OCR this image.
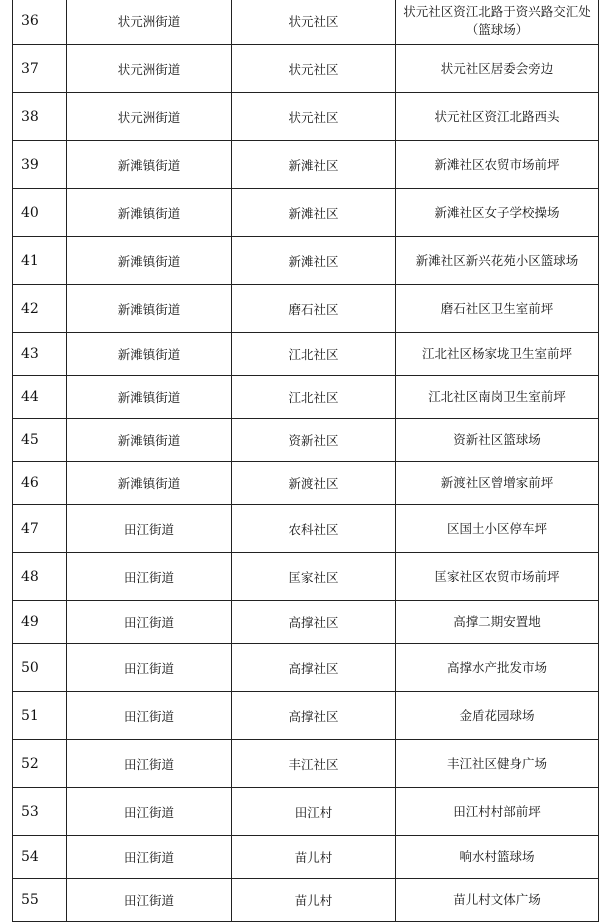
36	状元洲街道	状元社区	状元社区资江北路于资兴路交汇处（篮球场）
37	状元洲街道	状元社区	状元社区居委会旁边
38	状元洲街道	状元社区	状元社区资江北路西头
39	新滩镇街道	新滩社区	新滩社区农贸市场前坪
40	新滩镇街道	新滩社区	新滩社区女子学校操场
41	新滩镇街道	新滩社区	新滩社区新兴花苑小区篮球场
42	新滩镇街道	磨石社区	磨石社区卫生室前坪
43	新滩镇街道	江北社区	江北社区杨家垅卫生室前坪
44	新滩镇街道	江北社区	江北社区南岗卫生室前坪
45	新滩镇街道	资新社区	资新社区篮球场
46	新滩镇街道	新渡社区	新渡社区曾增家前坪
47	田江街道	农科社区	区国土小区停车坪
48	田江街道	匡家社区	匡家社区农贸市场前坪
49	田江街道	高撑社区	高撑二期安置地
50	田江街道	高撑社区	高撑水产批发市场
51	田江街道	高撑社区	金盾花园球场
52	田江街道	丰江社区	丰江社区健身广场
53	田江街道	田江村	田江村村部前坪
54	田江街道	苗儿村	响水村篮球场
55	田江街道	苗儿村	苗儿村文体广场
